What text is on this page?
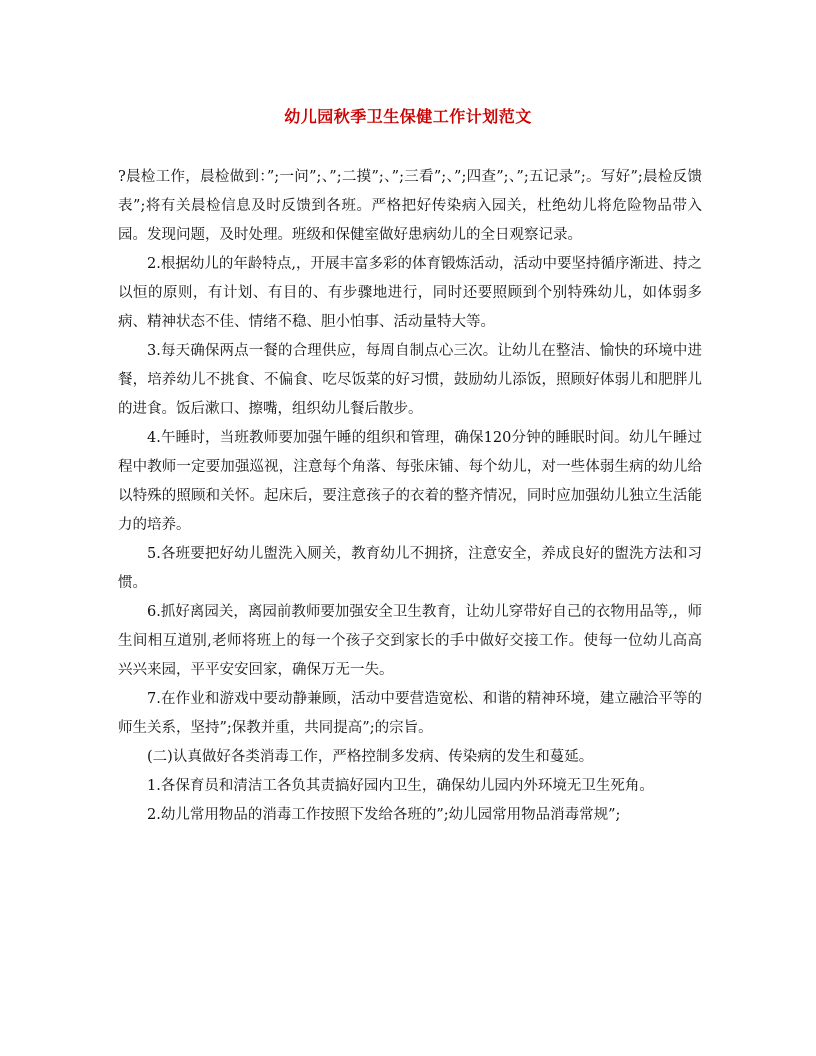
幼儿园秋季卫生保健工作计划范文

?晨检工作，晨检做到：”;一问”;、”;二摸”;、”;三看”;、”;四查”;、”;五记录”;。写好”;晨检反馈表”;将有关晨检信息及时反馈到各班。严格把好传染病入园关，杜绝幼儿将危险物品带入园。发现问题，及时处理。班级和保健室做好患病幼儿的全日观察记录。

2.根据幼儿的年龄特点,，开展丰富多彩的体育锻炼活动，活动中要坚持循序渐进、持之以恒的原则，有计划、有目的、有步骤地进行，同时还要照顾到个别特殊幼儿，如体弱多病、精神状态不佳、情绪不稳、胆小怕事、活动量特大等。

3.每天确保两点一餐的合理供应，每周自制点心三次。让幼儿在整洁、愉快的环境中进餐，培养幼儿不挑食、不偏食、吃尽饭菜的好习惯，鼓励幼儿添饭，照顾好体弱儿和肥胖儿的进食。饭后漱口、擦嘴，组织幼儿餐后散步。

4.午睡时，当班教师要加强午睡的组织和管理，确保120分钟的睡眠时间。幼儿午睡过程中教师一定要加强巡视，注意每个角落、每张床铺、每个幼儿，对一些体弱生病的幼儿给以特殊的照顾和关怀。起床后，要注意孩子的衣着的整齐情况，同时应加强幼儿独立生活能力的培养。

5.各班要把好幼儿盥洗入厕关，教育幼儿不拥挤，注意安全，养成良好的盥洗方法和习惯。

6.抓好离园关，离园前教师要加强安全卫生教育，让幼儿穿带好自己的衣物用品等,，师生间相互道别,老师将班上的每一个孩子交到家长的手中做好交接工作。使每一位幼儿高高兴兴来园，平平安安回家，确保万无一失。

7.在作业和游戏中要动静兼顾，活动中要营造宽松、和谐的精神环境，建立融洽平等的师生关系，坚持”;保教并重，共同提高”;的宗旨。

(二)认真做好各类消毒工作，严格控制多发病、传染病的发生和蔓延。

1.各保育员和清洁工各负其责搞好园内卫生，确保幼儿园内外环境无卫生死角。

2.幼儿常用物品的消毒工作按照下发给各班的”;幼儿园常用物品消毒常规”;
